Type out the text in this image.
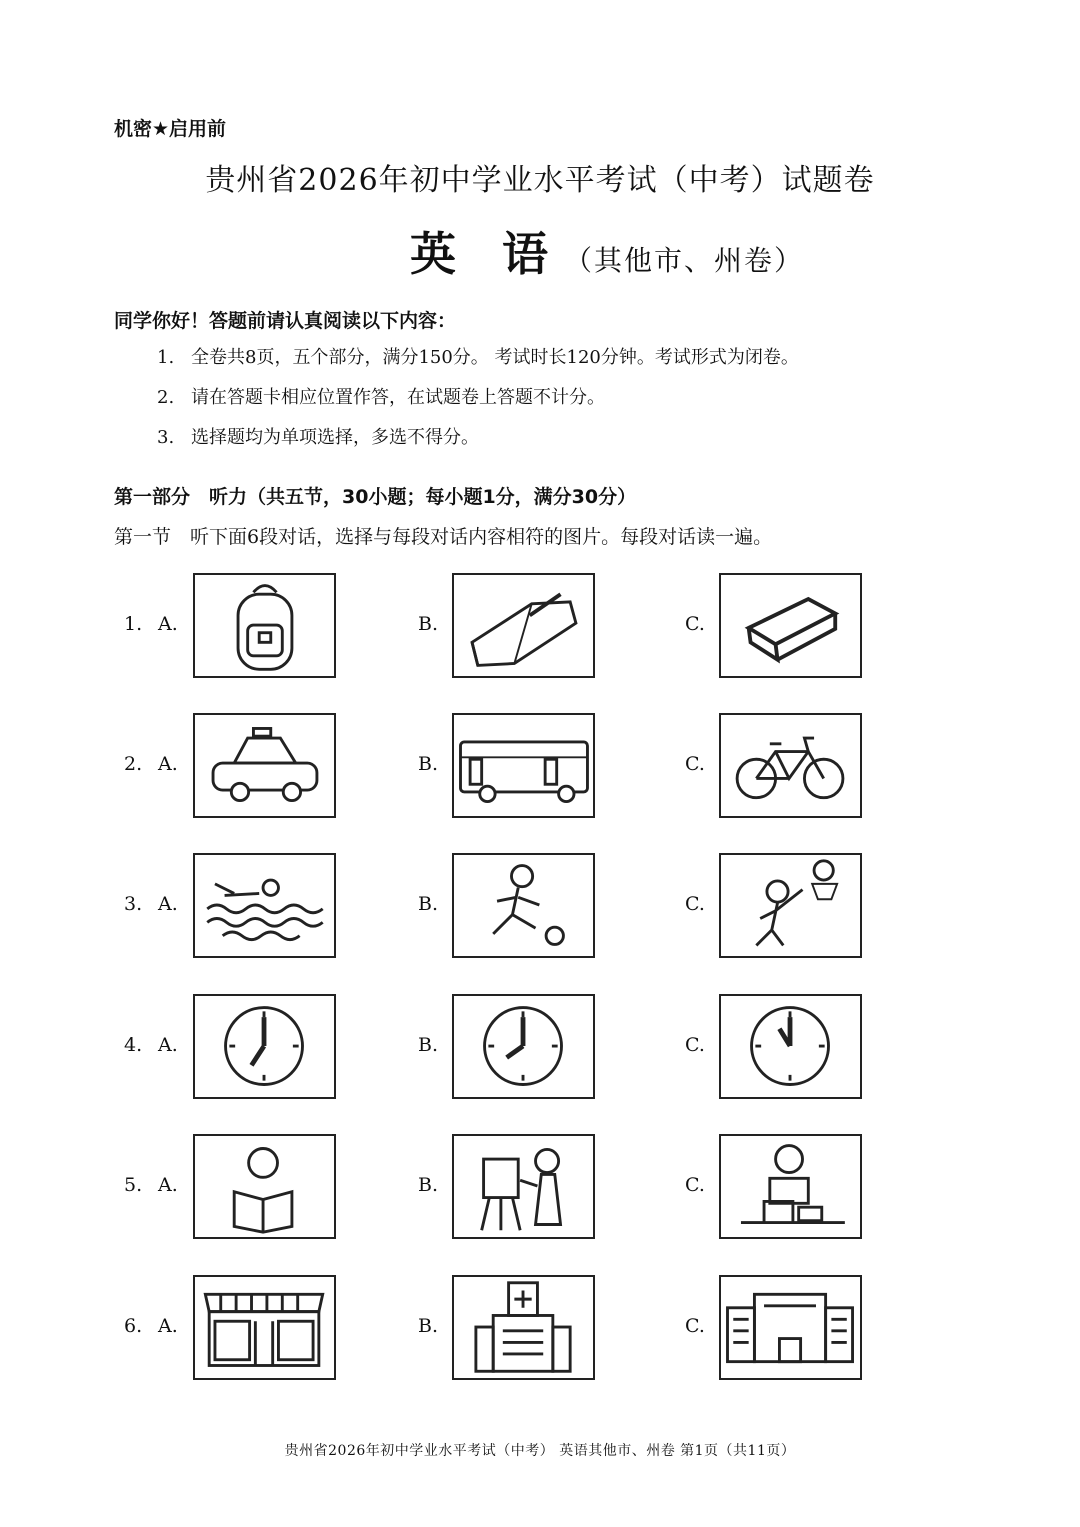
机密★启用前
贵州省2026年初中学业水平考试（中考）试题卷
英语（其他市、州卷）
同学你好！答题前请认真阅读以下内容：
1. 全卷共8页，五个部分，满分150分。 考试时长120分钟。考试形式为闭卷。
2. 请在答题卡相应位置作答，在试题卷上答题不计分。
3. 选择题均为单项选择，多选不得分。
第一部分　听力（共五节，30小题；每小题1分，满分30分）
第一节　听下面6段对话，选择与每段对话内容相符的图片。每段对话读一遍。
1. A.	B.	C.
2. A.	B.	C.
3. A.	B.	C.
4. A.	B.	C.
5. A.	B.	C.
6. A.	B.	C.
贵州省2026年初中学业水平考试（中考） 英语其他市、州卷 第1页（共11页）
